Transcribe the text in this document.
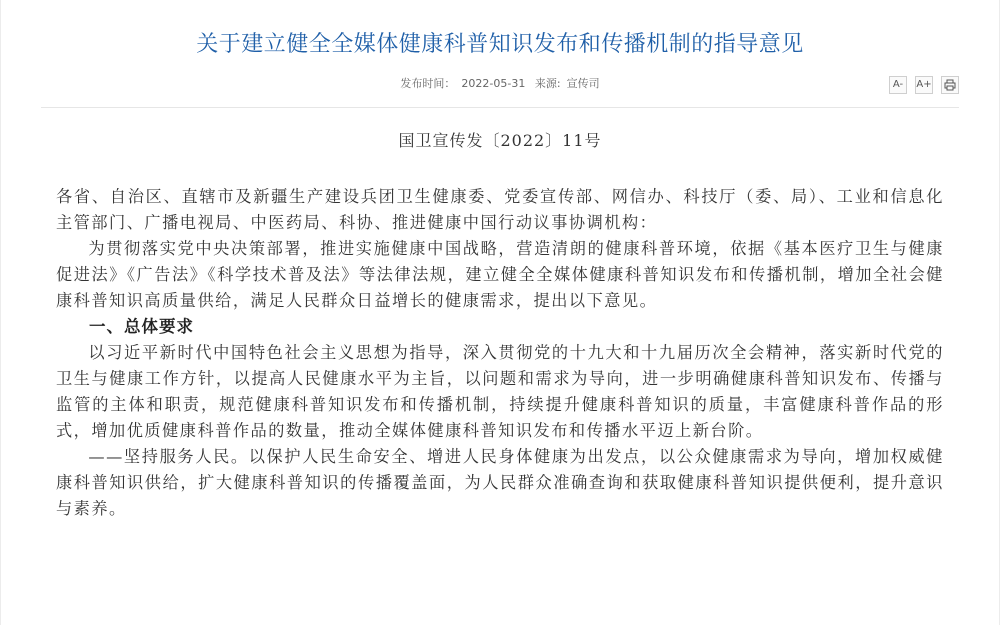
关于建立健全全媒体健康科普知识发布和传播机制的指导意见
发布时间： 2022-05-31 来源: 宣传司	A-	A+
国卫宣传发〔2022〕11号

各省、自治区、直辖市及新疆生产建设兵团卫生健康委、党委宣传部、网信办、科技厅（委、局）、工业和信息化主管部门、广播电视局、中医药局、科协、推进健康中国行动议事协调机构：

为贯彻落实党中央决策部署，推进实施健康中国战略，营造清朗的健康科普环境，依据《基本医疗卫生与健康促进法》《广告法》《科学技术普及法》等法律法规，建立健全全媒体健康科普知识发布和传播机制，增加全社会健康科普知识高质量供给，满足人民群众日益增长的健康需求，提出以下意见。

一、总体要求

以习近平新时代中国特色社会主义思想为指导，深入贯彻党的十九大和十九届历次全会精神，落实新时代党的卫生与健康工作方针，以提高人民健康水平为主旨，以问题和需求为导向，进一步明确健康科普知识发布、传播与监管的主体和职责，规范健康科普知识发布和传播机制，持续提升健康科普知识的质量，丰富健康科普作品的形式，增加优质健康科普作品的数量，推动全媒体健康科普知识发布和传播水平迈上新台阶。

——坚持服务人民。以保护人民生命安全、增进人民身体健康为出发点，以公众健康需求为导向，增加权威健康科普知识供给，扩大健康科普知识的传播覆盖面，为人民群众准确查询和获取健康科普知识提供便利，提升意识与素养。
